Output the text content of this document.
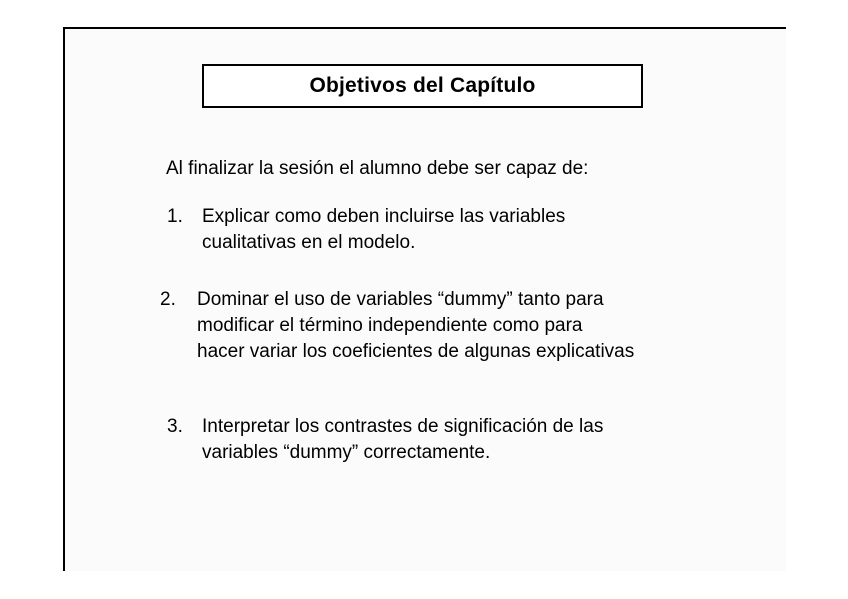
Objetivos del Capítulo
Al finalizar la sesión el alumno debe ser capaz de:
1. Explicar como deben incluirse las variables
cualitativas en el modelo.
2. Dominar el uso de variables “dummy” tanto para
modificar el término independiente como para
hacer variar los coeficientes de algunas explicativas
3. Interpretar los contrastes de significación de las
variables “dummy” correctamente.
